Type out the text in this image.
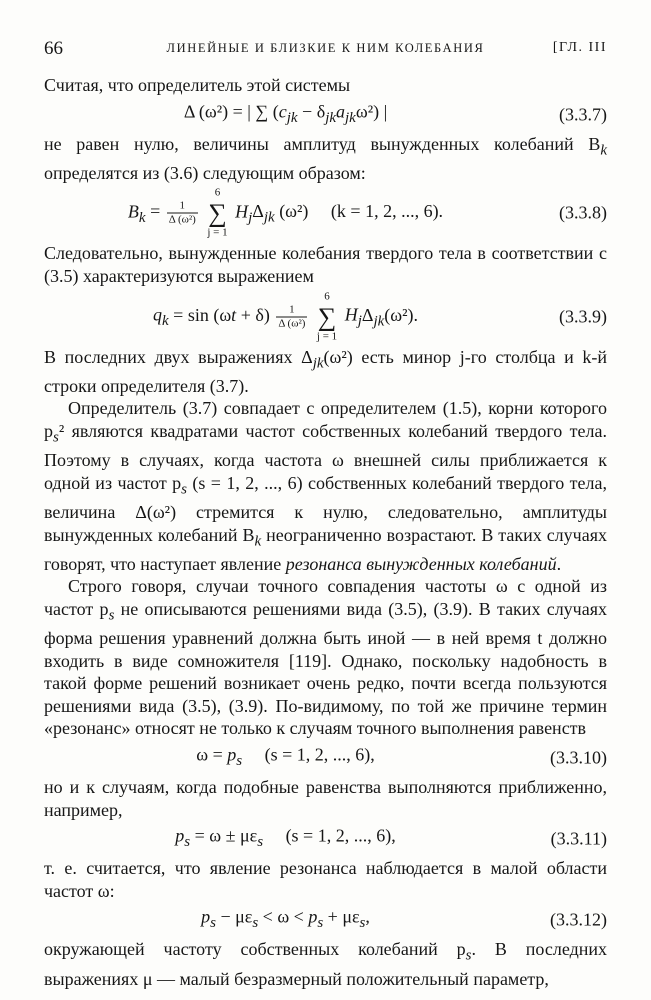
66	ЛИНЕЙНЫЕ И БЛИЗКИЕ К НИМ КОЛЕБАНИЯ	[ГЛ. III

Считая, что определитель этой системы

Δ (ω²) = | ∑ $(c_{jk} - \delta_{jk}a_{jk}\omega^2)$ |	(3.3.7)

не равен нулю, величины амплитуд вынужденных колебаний $B_k$ определятся из (3.6) следующим образом:

$B_k = \frac{1}{\text{Δ (ω²)}}$

6
∑
j = 1
$H_j\Delta_{jk}$ (ω²)     (k = 1, 2, ..., 6).	(3.3.8)

Следовательно, вынужденные колебания твердого тела в соответствии с (3.5) характеризуются выражением

$q_k = \sin (\omega t + \delta) \frac{1}{\text{Δ (ω²)}}$

6
∑
j = 1
$H_j\Delta_{jk}(\omega^2)$.	(3.3.9)

В последних двух выражениях $\Delta_{jk}(\omega^2)$ есть минор j-го столбца и k-й строки определителя (3.7).

Определитель (3.7) совпадает с определителем (1.5), корни которого $p_s^2$ являются квадратами частот собственных колебаний твердого тела. Поэтому в случаях, когда частота ω внешней силы приближается к одной из частот $p_s$ (s = 1, 2, ..., 6) собственных колебаний твердого тела, величина Δ(ω²) стремится к нулю, следовательно, амплитуды вынужденных колебаний $B_k$ неограниченно возрастают. В таких случаях говорят, что наступает явление резонанса вынужденных колебаний.

Строго говоря, случаи точного совпадения частоты ω с одной из частот $p_s$ не описываются решениями вида (3.5), (3.9). В таких случаях форма решения уравнений должна быть иной — в ней время t должно входить в виде сомножителя [119]. Однако, поскольку надобность в такой форме решений возникает очень редко, почти всегда пользуются решениями вида (3.5), (3.9). По-видимому, по той же причине термин «резонанс» относят не только к случаям точного выполнения равенств

$\omega = p_s$ (s = 1, 2, ..., 6),	(3.3.10)

но и к случаям, когда подобные равенства выполняются приближенно, например,

$p_s = \omega \pm \mu\varepsilon_s$ (s = 1, 2, ..., 6),	(3.3.11)

т. е. считается, что явление резонанса наблюдается в малой области частот ω:

$p_s - \mu\varepsilon_s < \omega < p_s + \mu\varepsilon_s$,	(3.3.12)

окружающей частоту собственных колебаний $p_s$. В последних выражениях μ — малый безразмерный положительный параметр,
